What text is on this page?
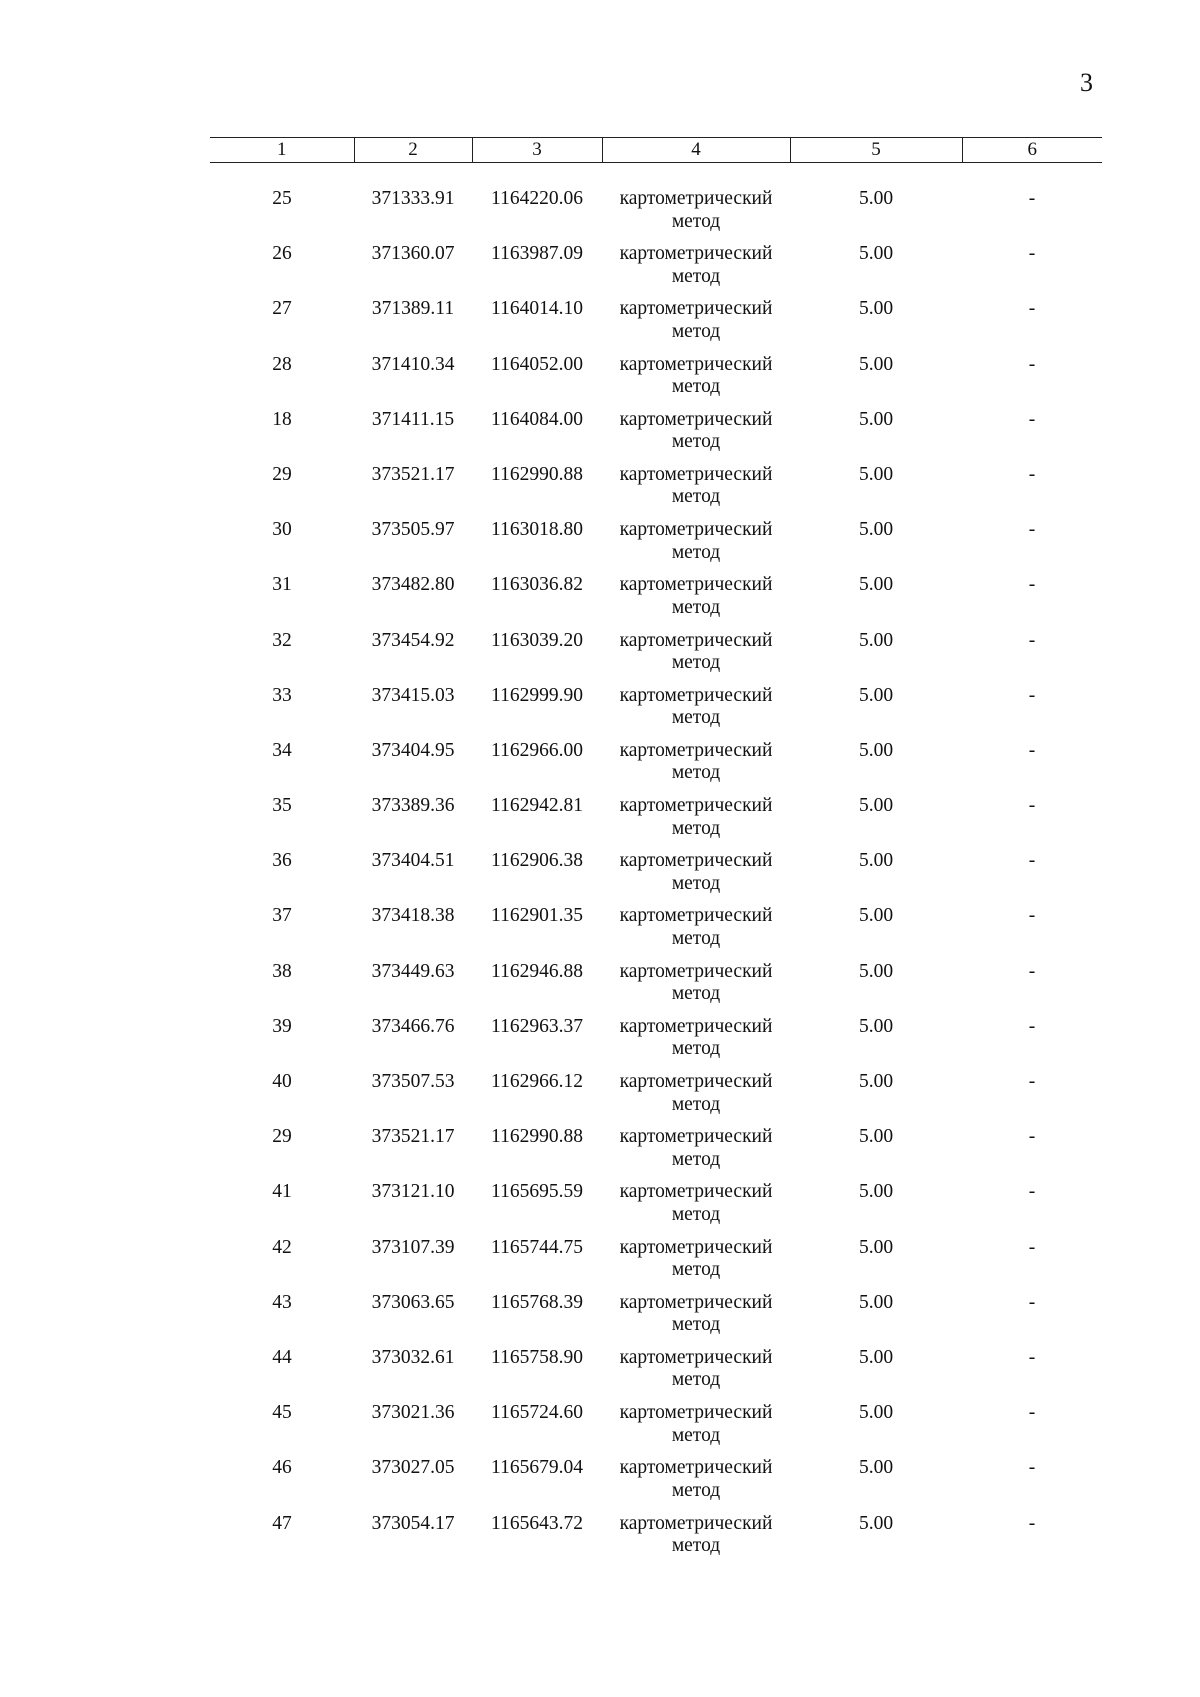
3
1	2	3	4	5	6
25	371333.91	1164220.06	картометрический
метод	5.00	-
26	371360.07	1163987.09	картометрический
метод	5.00	-
27	371389.11	1164014.10	картометрический
метод	5.00	-
28	371410.34	1164052.00	картометрический
метод	5.00	-
18	371411.15	1164084.00	картометрический
метод	5.00	-
29	373521.17	1162990.88	картометрический
метод	5.00	-
30	373505.97	1163018.80	картометрический
метод	5.00	-
31	373482.80	1163036.82	картометрический
метод	5.00	-
32	373454.92	1163039.20	картометрический
метод	5.00	-
33	373415.03	1162999.90	картометрический
метод	5.00	-
34	373404.95	1162966.00	картометрический
метод	5.00	-
35	373389.36	1162942.81	картометрический
метод	5.00	-
36	373404.51	1162906.38	картометрический
метод	5.00	-
37	373418.38	1162901.35	картометрический
метод	5.00	-
38	373449.63	1162946.88	картометрический
метод	5.00	-
39	373466.76	1162963.37	картометрический
метод	5.00	-
40	373507.53	1162966.12	картометрический
метод	5.00	-
29	373521.17	1162990.88	картометрический
метод	5.00	-
41	373121.10	1165695.59	картометрический
метод	5.00	-
42	373107.39	1165744.75	картометрический
метод	5.00	-
43	373063.65	1165768.39	картометрический
метод	5.00	-
44	373032.61	1165758.90	картометрический
метод	5.00	-
45	373021.36	1165724.60	картометрический
метод	5.00	-
46	373027.05	1165679.04	картометрический
метод	5.00	-
47	373054.17	1165643.72	картометрический
метод	5.00	-
